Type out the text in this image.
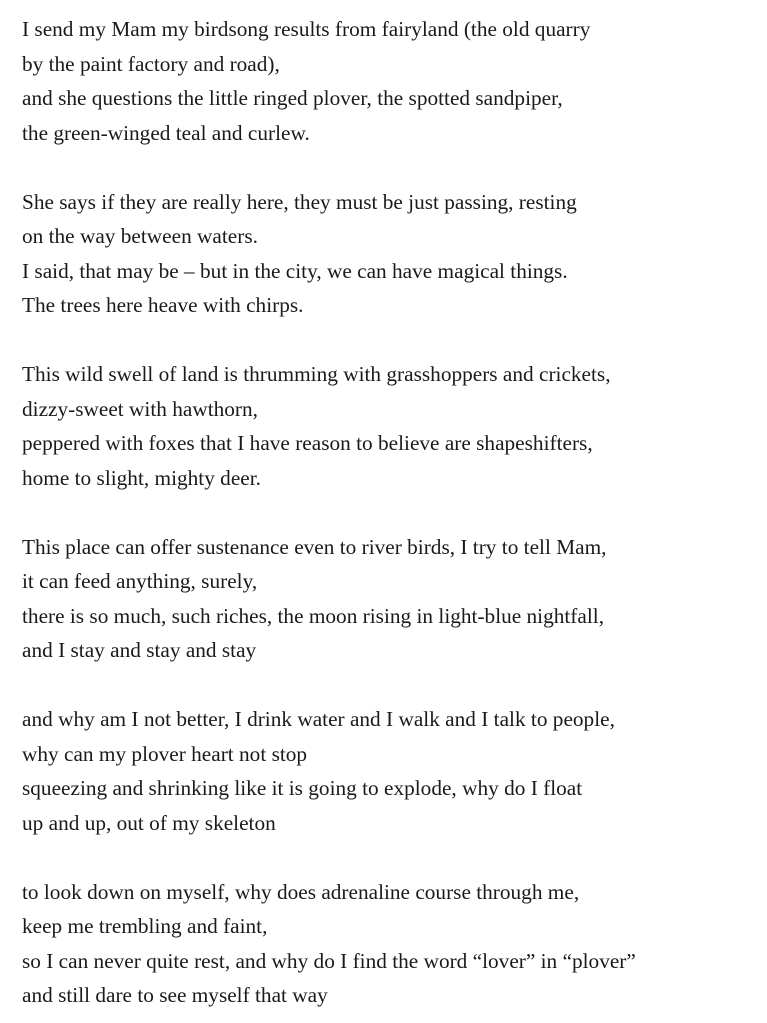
I send my Mam my birdsong results from fairyland (the old quarry
by the paint factory and road),
and she questions the little ringed plover, the spotted sandpiper,
the green-winged teal and curlew.
She says if they are really here, they must be just passing, resting
on the way between waters.
I said, that may be – but in the city, we can have magical things.
The trees here heave with chirps.
This wild swell of land is thrumming with grasshoppers and crickets,
dizzy-sweet with hawthorn,
peppered with foxes that I have reason to believe are shapeshifters,
home to slight, mighty deer.
This place can offer sustenance even to river birds, I try to tell Mam,
it can feed anything, surely,
there is so much, such riches, the moon rising in light-blue nightfall,
and I stay and stay and stay
and why am I not better, I drink water and I walk and I talk to people,
why can my plover heart not stop
squeezing and shrinking like it is going to explode, why do I float
up and up, out of my skeleton
to look down on myself, why does adrenaline course through me,
keep me trembling and faint,
so I can never quite rest, and why do I find the word “lover” in “plover”
and still dare to see myself that way
